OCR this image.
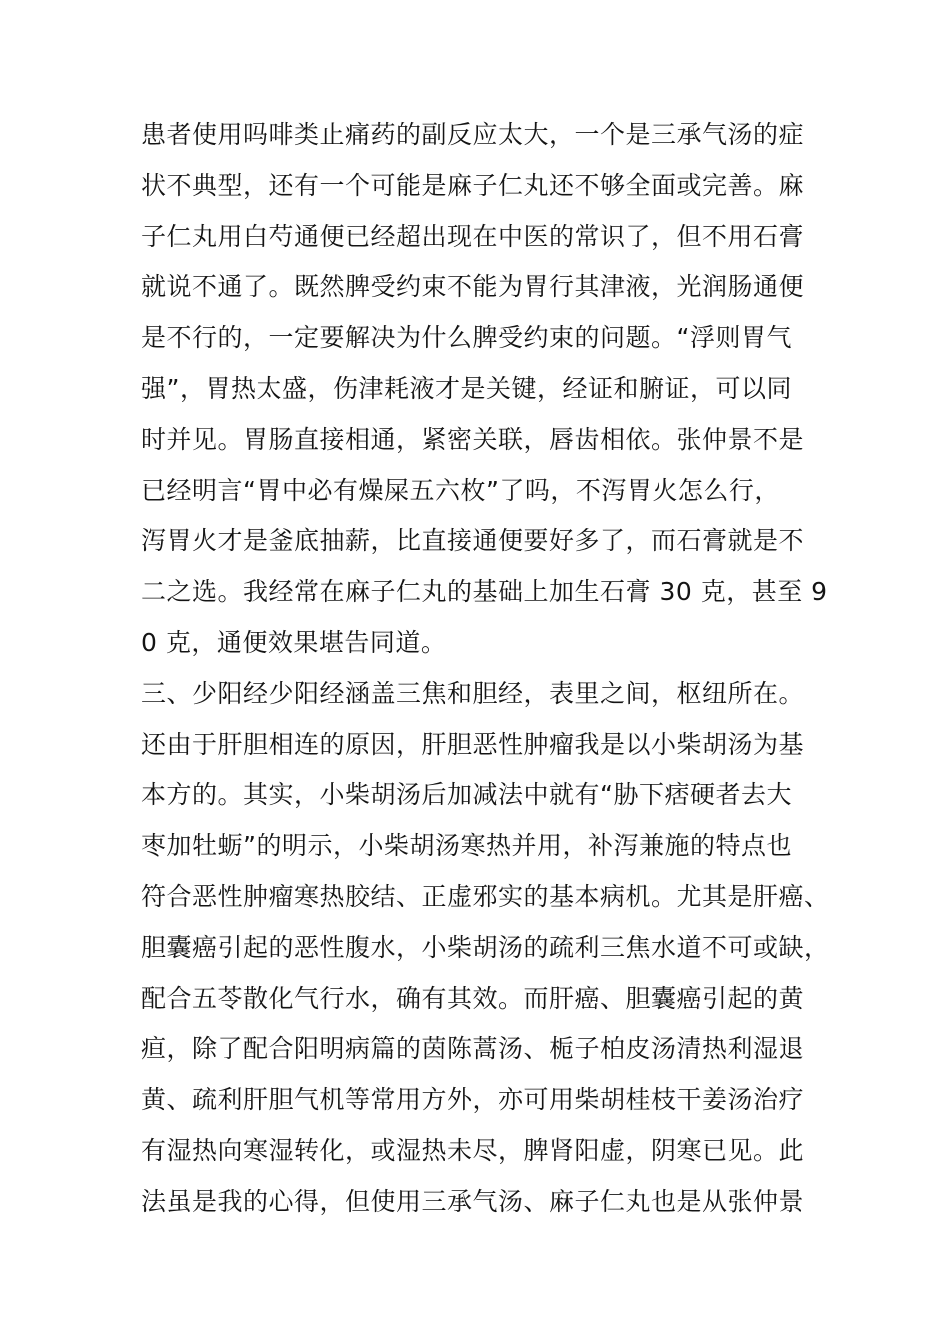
患者使用吗啡类止痛药的副反应太大，一个是三承气汤的症
状不典型，还有一个可能是麻子仁丸还不够全面或完善。麻
子仁丸用白芍通便已经超出现在中医的常识了，但不用石膏
就说不通了。既然脾受约束不能为胃行其津液，光润肠通便
是不行的，一定要解决为什么脾受约束的问题。“浮则胃气
强”，胃热太盛，伤津耗液才是关键，经证和腑证，可以同
时并见。胃肠直接相通，紧密关联，唇齿相依。张仲景不是
已经明言“胃中必有燥屎五六枚”了吗，不泻胃火怎么行，
泻胃火才是釜底抽薪，比直接通便要好多了，而石膏就是不
二之选。我经常在麻子仁丸的基础上加生石膏 30 克，甚至 9
0 克，通便效果堪告同道。
三、少阳经少阳经涵盖三焦和胆经，表里之间，枢纽所在。
还由于肝胆相连的原因，肝胆恶性肿瘤我是以小柴胡汤为基
本方的。其实，小柴胡汤后加减法中就有“胁下痞硬者去大
枣加牡蛎”的明示，小柴胡汤寒热并用，补泻兼施的特点也
符合恶性肿瘤寒热胶结、正虚邪实的基本病机。尤其是肝癌、
胆囊癌引起的恶性腹水，小柴胡汤的疏利三焦水道不可或缺，
配合五苓散化气行水，确有其效。而肝癌、胆囊癌引起的黄
疸，除了配合阳明病篇的茵陈蒿汤、栀子柏皮汤清热利湿退
黄、疏利肝胆气机等常用方外，亦可用柴胡桂枝干姜汤治疗
有湿热向寒湿转化，或湿热未尽，脾肾阳虚，阴寒已见。此
法虽是我的心得，但使用三承气汤、麻子仁丸也是从张仲景
